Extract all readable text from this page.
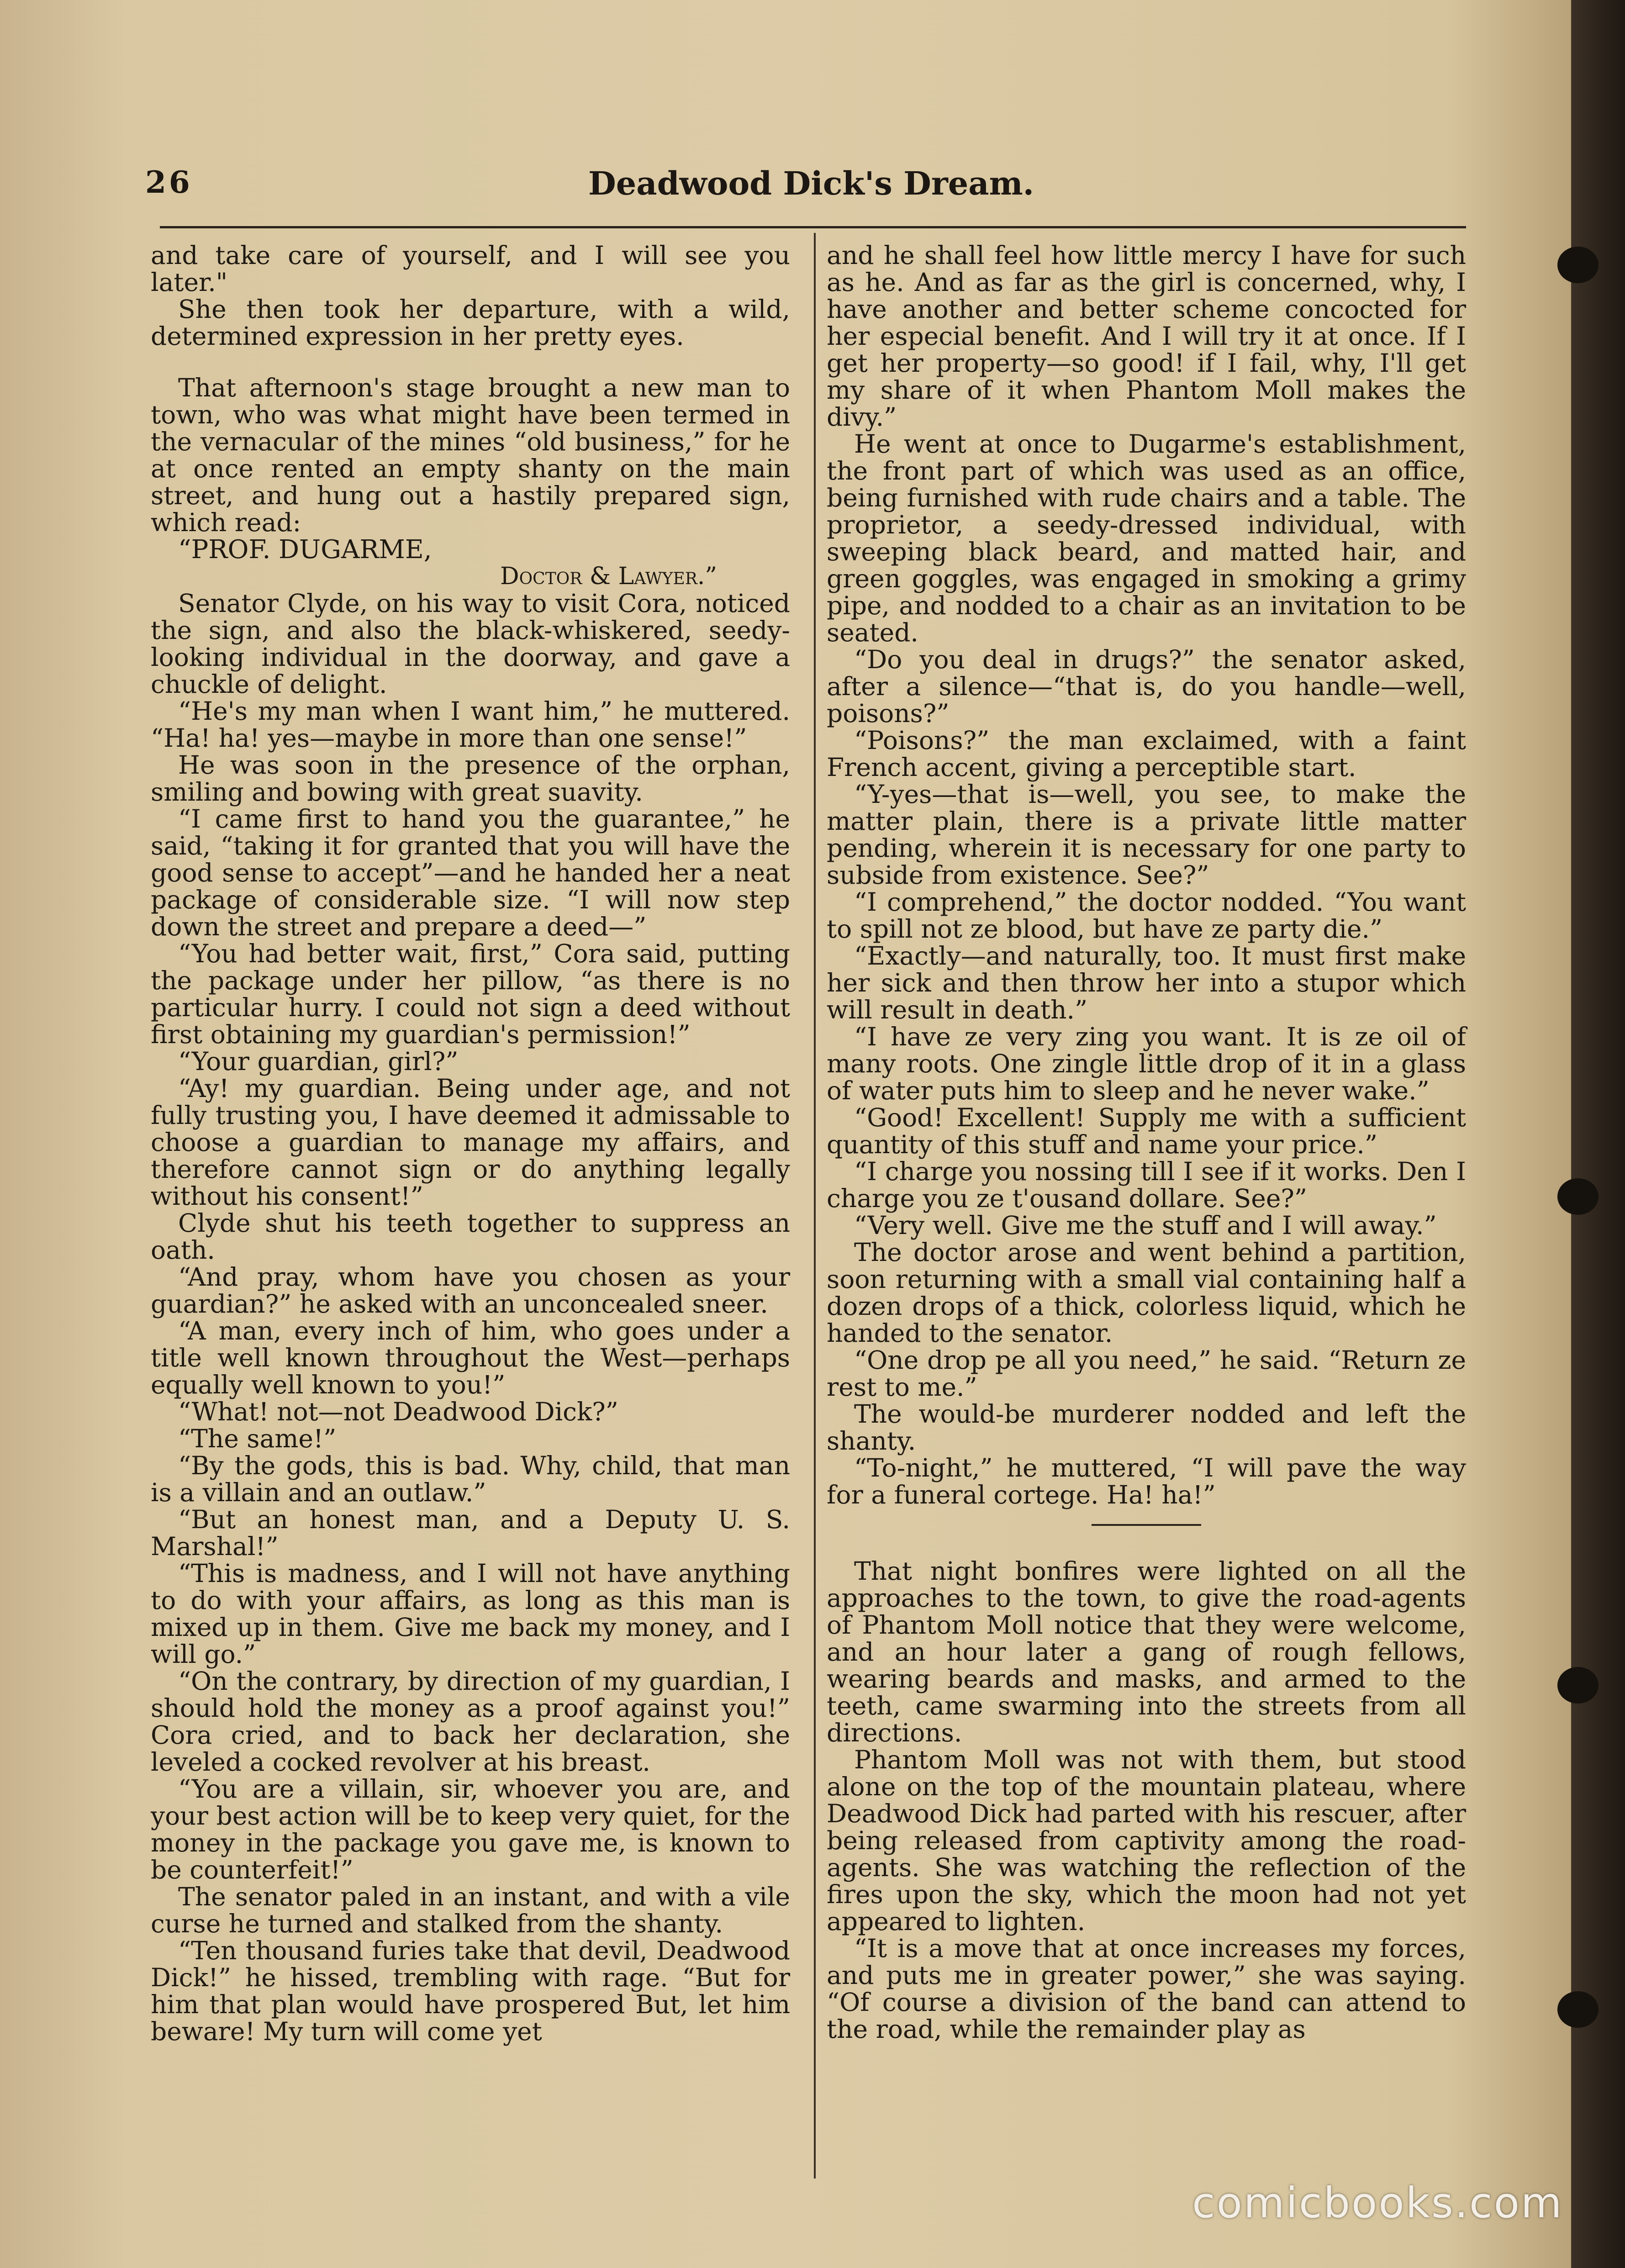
26	Deadwood Dick's Dream.

and take care of yourself, and I will see you later."

She then took her departure, with a wild, determined expression in her pretty eyes.

That afternoon's stage brought a new man to town, who was what might have been termed in the vernacular of the mines “old business,” for he at once rented an empty shanty on the main street, and hung out a hastily prepared sign, which read:

“PROF. DUGARME,

Doctor & Lawyer.”

Senator Clyde, on his way to visit Cora, noticed the sign, and also the black-whiskered, seedy-looking individual in the doorway, and gave a chuckle of delight.

“He's my man when I want him,” he muttered. “Ha! ha! yes—maybe in more than one sense!”

He was soon in the presence of the orphan, smiling and bowing with great suavity.

“I came first to hand you the guarantee,” he said, “taking it for granted that you will have the good sense to accept”—and he handed her a neat package of considerable size. “I will now step down the street and prepare a deed—”

“You had better wait, first,” Cora said, putting the package under her pillow, “as there is no particular hurry. I could not sign a deed without first obtaining my guardian's permission!”

“Your guardian, girl?”

“Ay! my guardian. Being under age, and not fully trusting you, I have deemed it admissable to choose a guardian to manage my affairs, and therefore cannot sign or do anything legally without his consent!”

Clyde shut his teeth together to suppress an oath.

“And pray, whom have you chosen as your guardian?” he asked with an unconcealed sneer.

“A man, every inch of him, who goes under a title well known throughout the West—perhaps equally well known to you!”

“What! not—not Deadwood Dick?”

“The same!”

“By the gods, this is bad. Why, child, that man is a villain and an outlaw.”

“But an honest man, and a Deputy U. S. Marshal!”

“This is madness, and I will not have anything to do with your affairs, as long as this man is mixed up in them. Give me back my money, and I will go.”

“On the contrary, by direction of my guardian, I should hold the money as a proof against you!” Cora cried, and to back her declaration, she leveled a cocked revolver at his breast.

“You are a villain, sir, whoever you are, and your best action will be to keep very quiet, for the money in the package you gave me, is known to be counterfeit!”

The senator paled in an instant, and with a vile curse he turned and stalked from the shanty.

“Ten thousand furies take that devil, Deadwood Dick!” he hissed, trembling with rage. “But for him that plan would have prospered But, let him beware! My turn will come yet

and he shall feel how little mercy I have for such as he. And as far as the girl is concerned, why, I have another and better scheme concocted for her especial benefit. And I will try it at once. If I get her property—so good! if I fail, why, I'll get my share of it when Phantom Moll makes the divy.”

He went at once to Dugarme's establishment, the front part of which was used as an office, being furnished with rude chairs and a table. The proprietor, a seedy-dressed individual, with sweeping black beard, and matted hair, and green goggles, was engaged in smoking a grimy pipe, and nodded to a chair as an invitation to be seated.

“Do you deal in drugs?” the senator asked, after a silence—“that is, do you handle—well, poisons?”

“Poisons?” the man exclaimed, with a faint French accent, giving a perceptible start.

“Y-yes—that is—well, you see, to make the matter plain, there is a private little matter pending, wherein it is necessary for one party to subside from existence. See?”

“I comprehend,” the doctor nodded. “You want to spill not ze blood, but have ze party die.”

“Exactly—and naturally, too. It must first make her sick and then throw her into a stupor which will result in death.”

“I have ze very zing you want. It is ze oil of many roots. One zingle little drop of it in a glass of water puts him to sleep and he never wake.”

“Good! Excellent! Supply me with a sufficient quantity of this stuff and name your price.”

“I charge you nossing till I see if it works. Den I charge you ze t'ousand dollare. See?”

“Very well. Give me the stuff and I will away.”

The doctor arose and went behind a partition, soon returning with a small vial containing half a dozen drops of a thick, colorless liquid, which he handed to the senator.

“One drop pe all you need,” he said. “Return ze rest to me.”

The would-be murderer nodded and left the shanty.

“To-night,” he muttered, “I will pave the way for a funeral cortege. Ha! ha!”

That night bonfires were lighted on all the approaches to the town, to give the road-agents of Phantom Moll notice that they were welcome, and an hour later a gang of rough fellows, wearing beards and masks, and armed to the teeth, came swarming into the streets from all directions.

Phantom Moll was not with them, but stood alone on the top of the mountain plateau, where Deadwood Dick had parted with his rescuer, after being released from captivity among the road-agents. She was watching the reflection of the fires upon the sky, which the moon had not yet appeared to lighten.

“It is a move that at once increases my forces, and puts me in greater power,” she was saying. “Of course a division of the band can attend to the road, while the remainder play as

comicbooks.com
